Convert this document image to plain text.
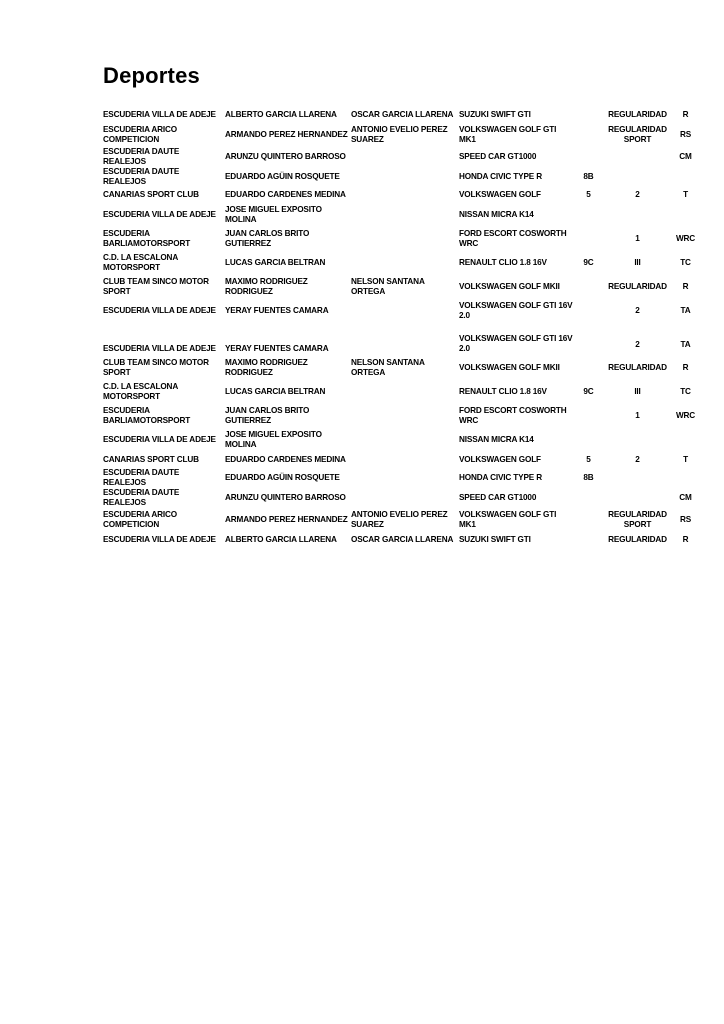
Deportes
ESCUDERIA VILLA DE ADEJE	ALBERTO GARCIA LLARENA	OSCAR GARCIA LLARENA	SUZUKI SWIFT GTI		REGULARIDAD	R
ESCUDERIA ARICO COMPETICION	ARMANDO PEREZ HERNANDEZ	ANTONIO EVELIO PEREZ SUAREZ	VOLKSWAGEN GOLF GTI MK1		REGULARIDAD SPORT	RS
ESCUDERIA DAUTE REALEJOS	ARUNZU QUINTERO BARROSO		SPEED CAR GT1000			CM
ESCUDERIA DAUTE REALEJOS	EDUARDO AGÜIN ROSQUETE		HONDA CIVIC TYPE R	8B		
CANARIAS SPORT CLUB	EDUARDO CARDENES MEDINA		VOLKSWAGEN GOLF	5	2	T
ESCUDERIA VILLA DE ADEJE	JOSE MIGUEL EXPOSITO MOLINA		NISSAN MICRA K14			
ESCUDERIA BARLIAMOTORSPORT	JUAN CARLOS BRITO GUTIERREZ		FORD ESCORT COSWORTH WRC		1	WRC
C.D. LA ESCALONA MOTORSPORT	LUCAS GARCIA BELTRAN		RENAULT CLIO 1.8 16V	9C	III	TC
CLUB TEAM SINCO MOTOR SPORT	MAXIMO RODRIGUEZ RODRIGUEZ	NELSON SANTANA ORTEGA	VOLKSWAGEN GOLF MKII		REGULARIDAD	R
ESCUDERIA VILLA DE ADEJE	YERAY FUENTES CAMARA		VOLKSWAGEN GOLF GTI 16V 2.0		2	TA
ESCUDERIA VILLA DE ADEJE	YERAY FUENTES CAMARA		VOLKSWAGEN GOLF GTI 16V 2.0		2	TA
CLUB TEAM SINCO MOTOR SPORT	MAXIMO RODRIGUEZ RODRIGUEZ	NELSON SANTANA ORTEGA	VOLKSWAGEN GOLF MKII		REGULARIDAD	R
C.D. LA ESCALONA MOTORSPORT	LUCAS GARCIA BELTRAN		RENAULT CLIO 1.8 16V	9C	III	TC
ESCUDERIA BARLIAMOTORSPORT	JUAN CARLOS BRITO GUTIERREZ		FORD ESCORT COSWORTH WRC		1	WRC
ESCUDERIA VILLA DE ADEJE	JOSE MIGUEL EXPOSITO MOLINA		NISSAN MICRA K14			
CANARIAS SPORT CLUB	EDUARDO CARDENES MEDINA		VOLKSWAGEN GOLF	5	2	T
ESCUDERIA DAUTE REALEJOS	EDUARDO AGÜIN ROSQUETE		HONDA CIVIC TYPE R	8B		
ESCUDERIA DAUTE REALEJOS	ARUNZU QUINTERO BARROSO		SPEED CAR GT1000			CM
ESCUDERIA ARICO COMPETICION	ARMANDO PEREZ HERNANDEZ	ANTONIO EVELIO PEREZ SUAREZ	VOLKSWAGEN GOLF GTI MK1		REGULARIDAD SPORT	RS
ESCUDERIA VILLA DE ADEJE	ALBERTO GARCIA LLARENA	OSCAR GARCIA LLARENA	SUZUKI SWIFT GTI		REGULARIDAD	R
